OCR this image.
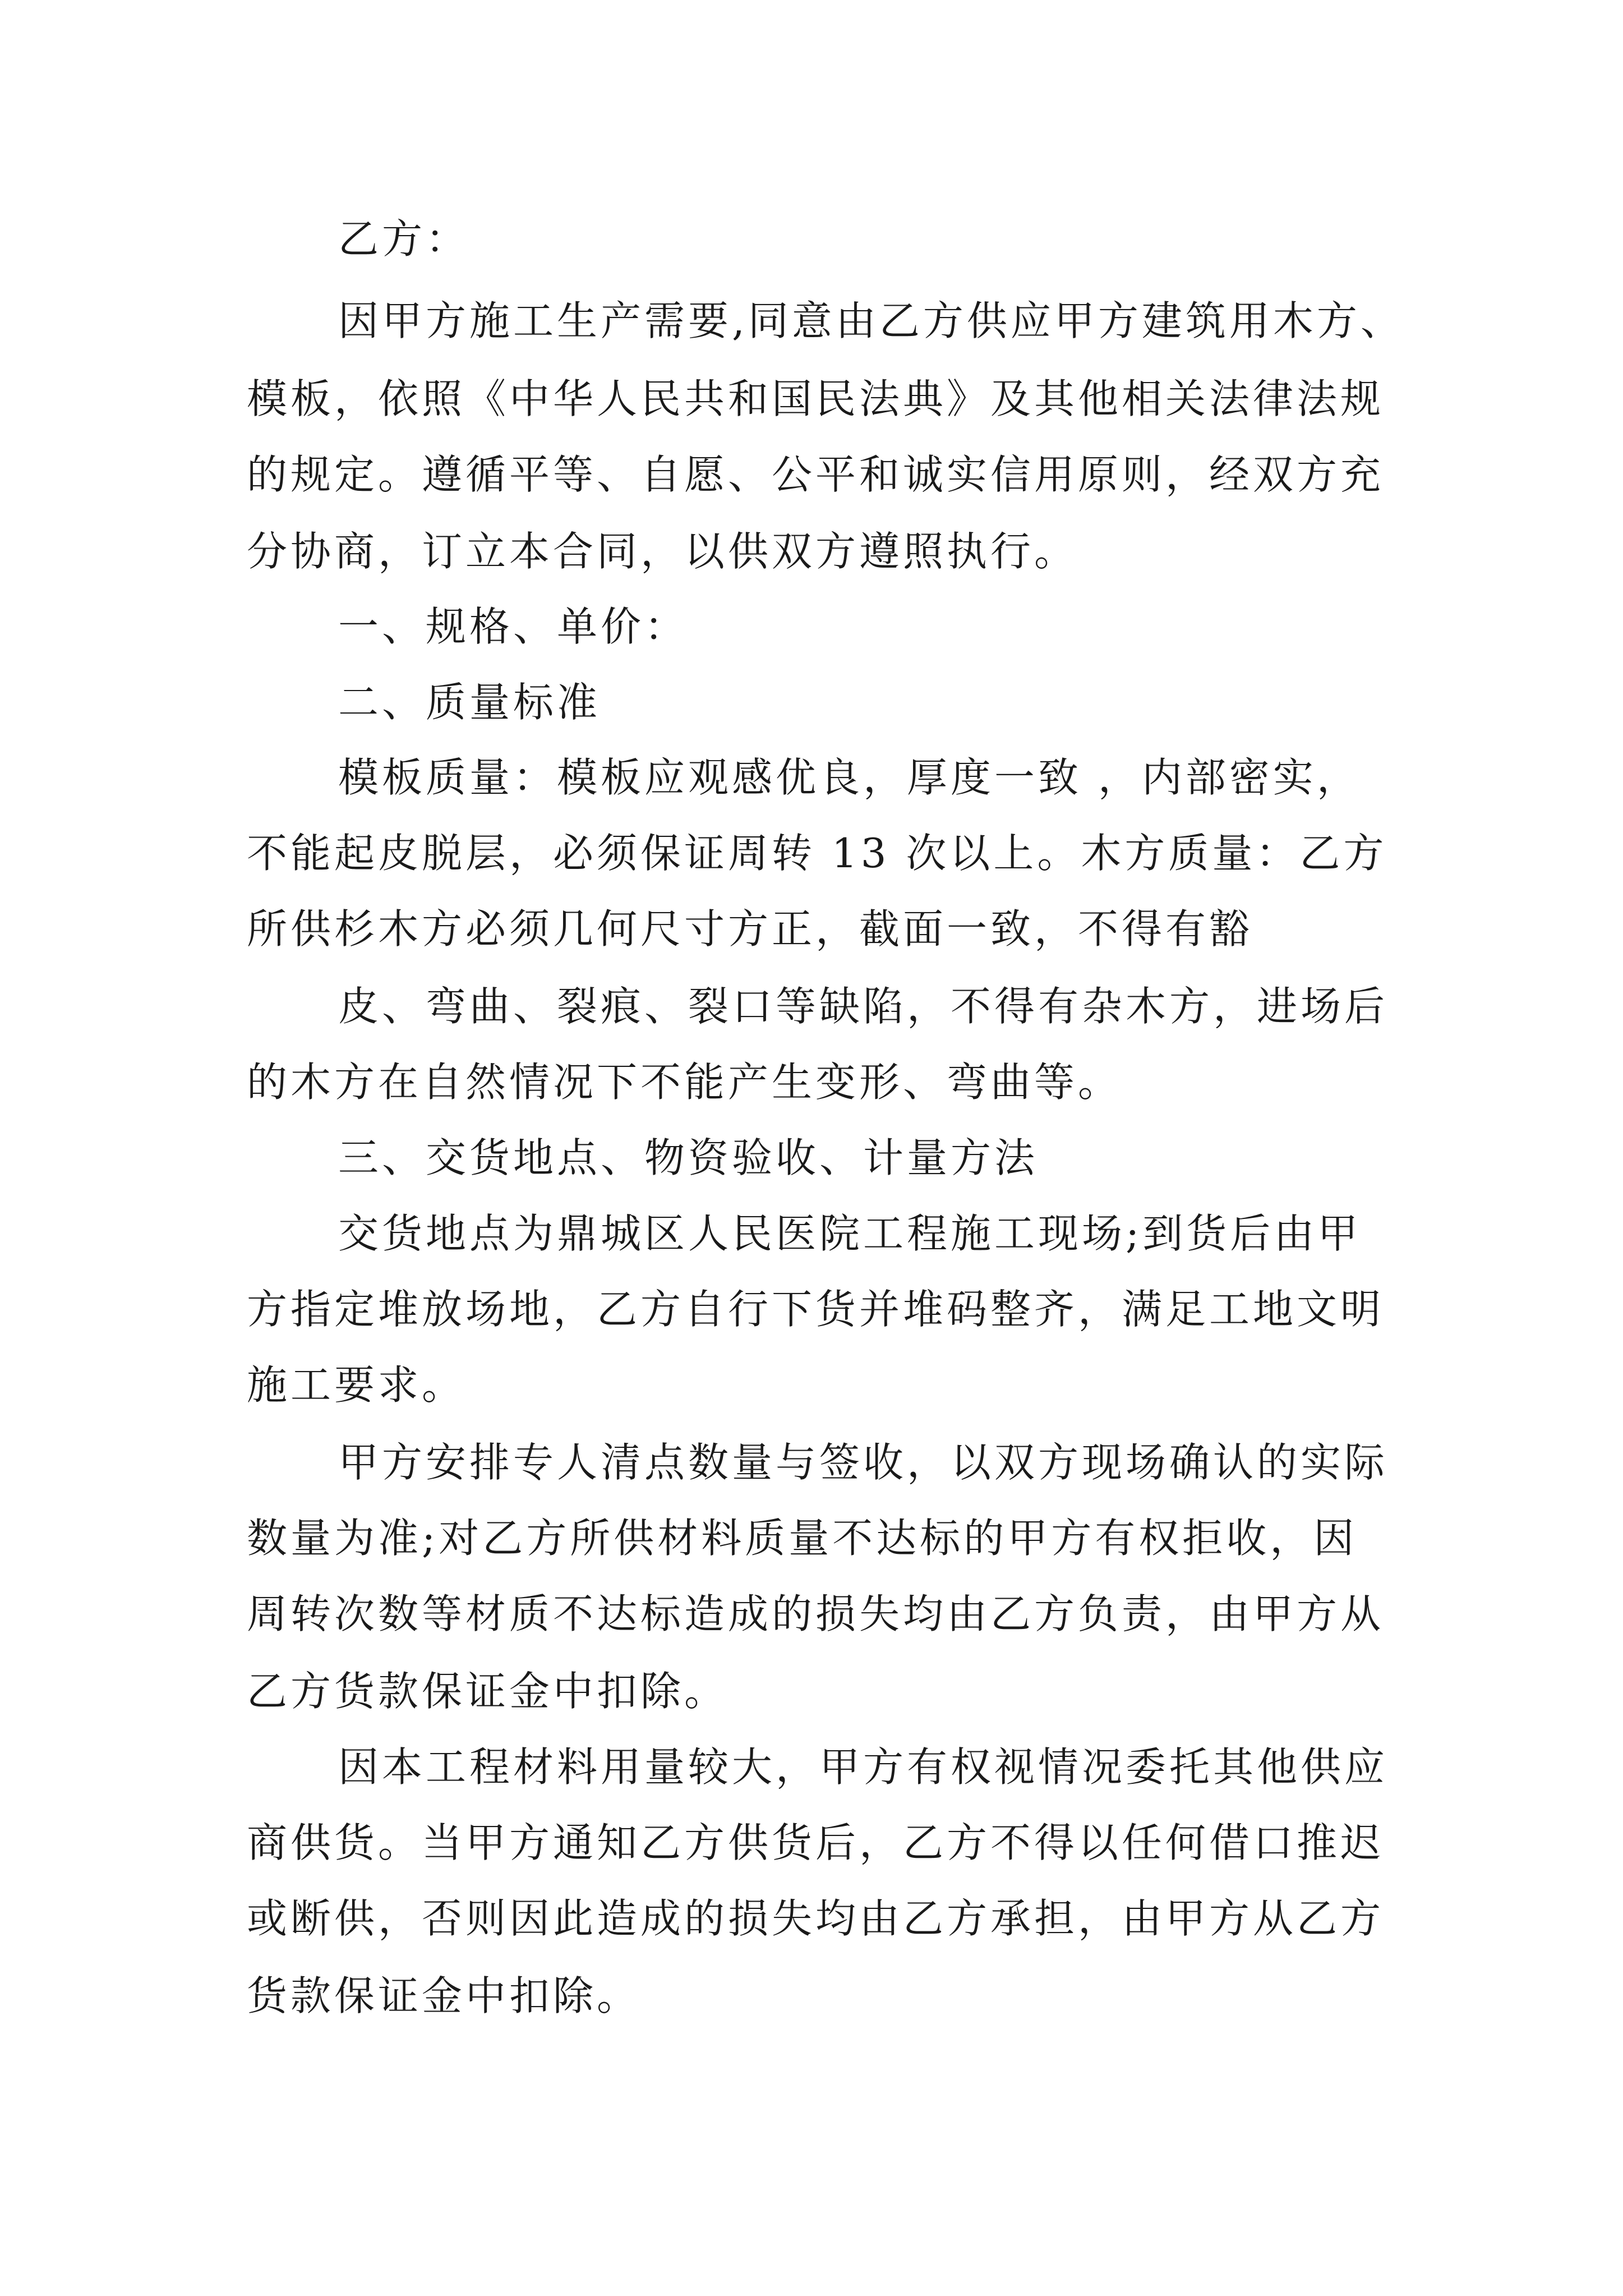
乙方：
因甲方施工生产需要,同意由乙方供应甲方建筑用木方、
模板，依照《中华人民共和国民法典》及其他相关法律法规
的规定。遵循平等、自愿、公平和诚实信用原则，经双方充
分协商，订立本合同，以供双方遵照执行。
一、规格、单价：
二、质量标准
模板质量：模板应观感优良，厚度一致 ，内部密实，
不能起皮脱层，必须保证周转 13 次以上。木方质量：乙方
所供杉木方必须几何尺寸方正，截面一致，不得有豁
皮、弯曲、裂痕、裂口等缺陷，不得有杂木方，进场后
的木方在自然情况下不能产生变形、弯曲等。
三、交货地点、物资验收、计量方法
交货地点为鼎城区人民医院工程施工现场;到货后由甲
方指定堆放场地，乙方自行下货并堆码整齐，满足工地文明
施工要求。
甲方安排专人清点数量与签收，以双方现场确认的实际
数量为准;对乙方所供材料质量不达标的甲方有权拒收，因
周转次数等材质不达标造成的损失均由乙方负责，由甲方从
乙方货款保证金中扣除。
因本工程材料用量较大，甲方有权视情况委托其他供应
商供货。当甲方通知乙方供货后，乙方不得以任何借口推迟
或断供，否则因此造成的损失均由乙方承担，由甲方从乙方
货款保证金中扣除。
